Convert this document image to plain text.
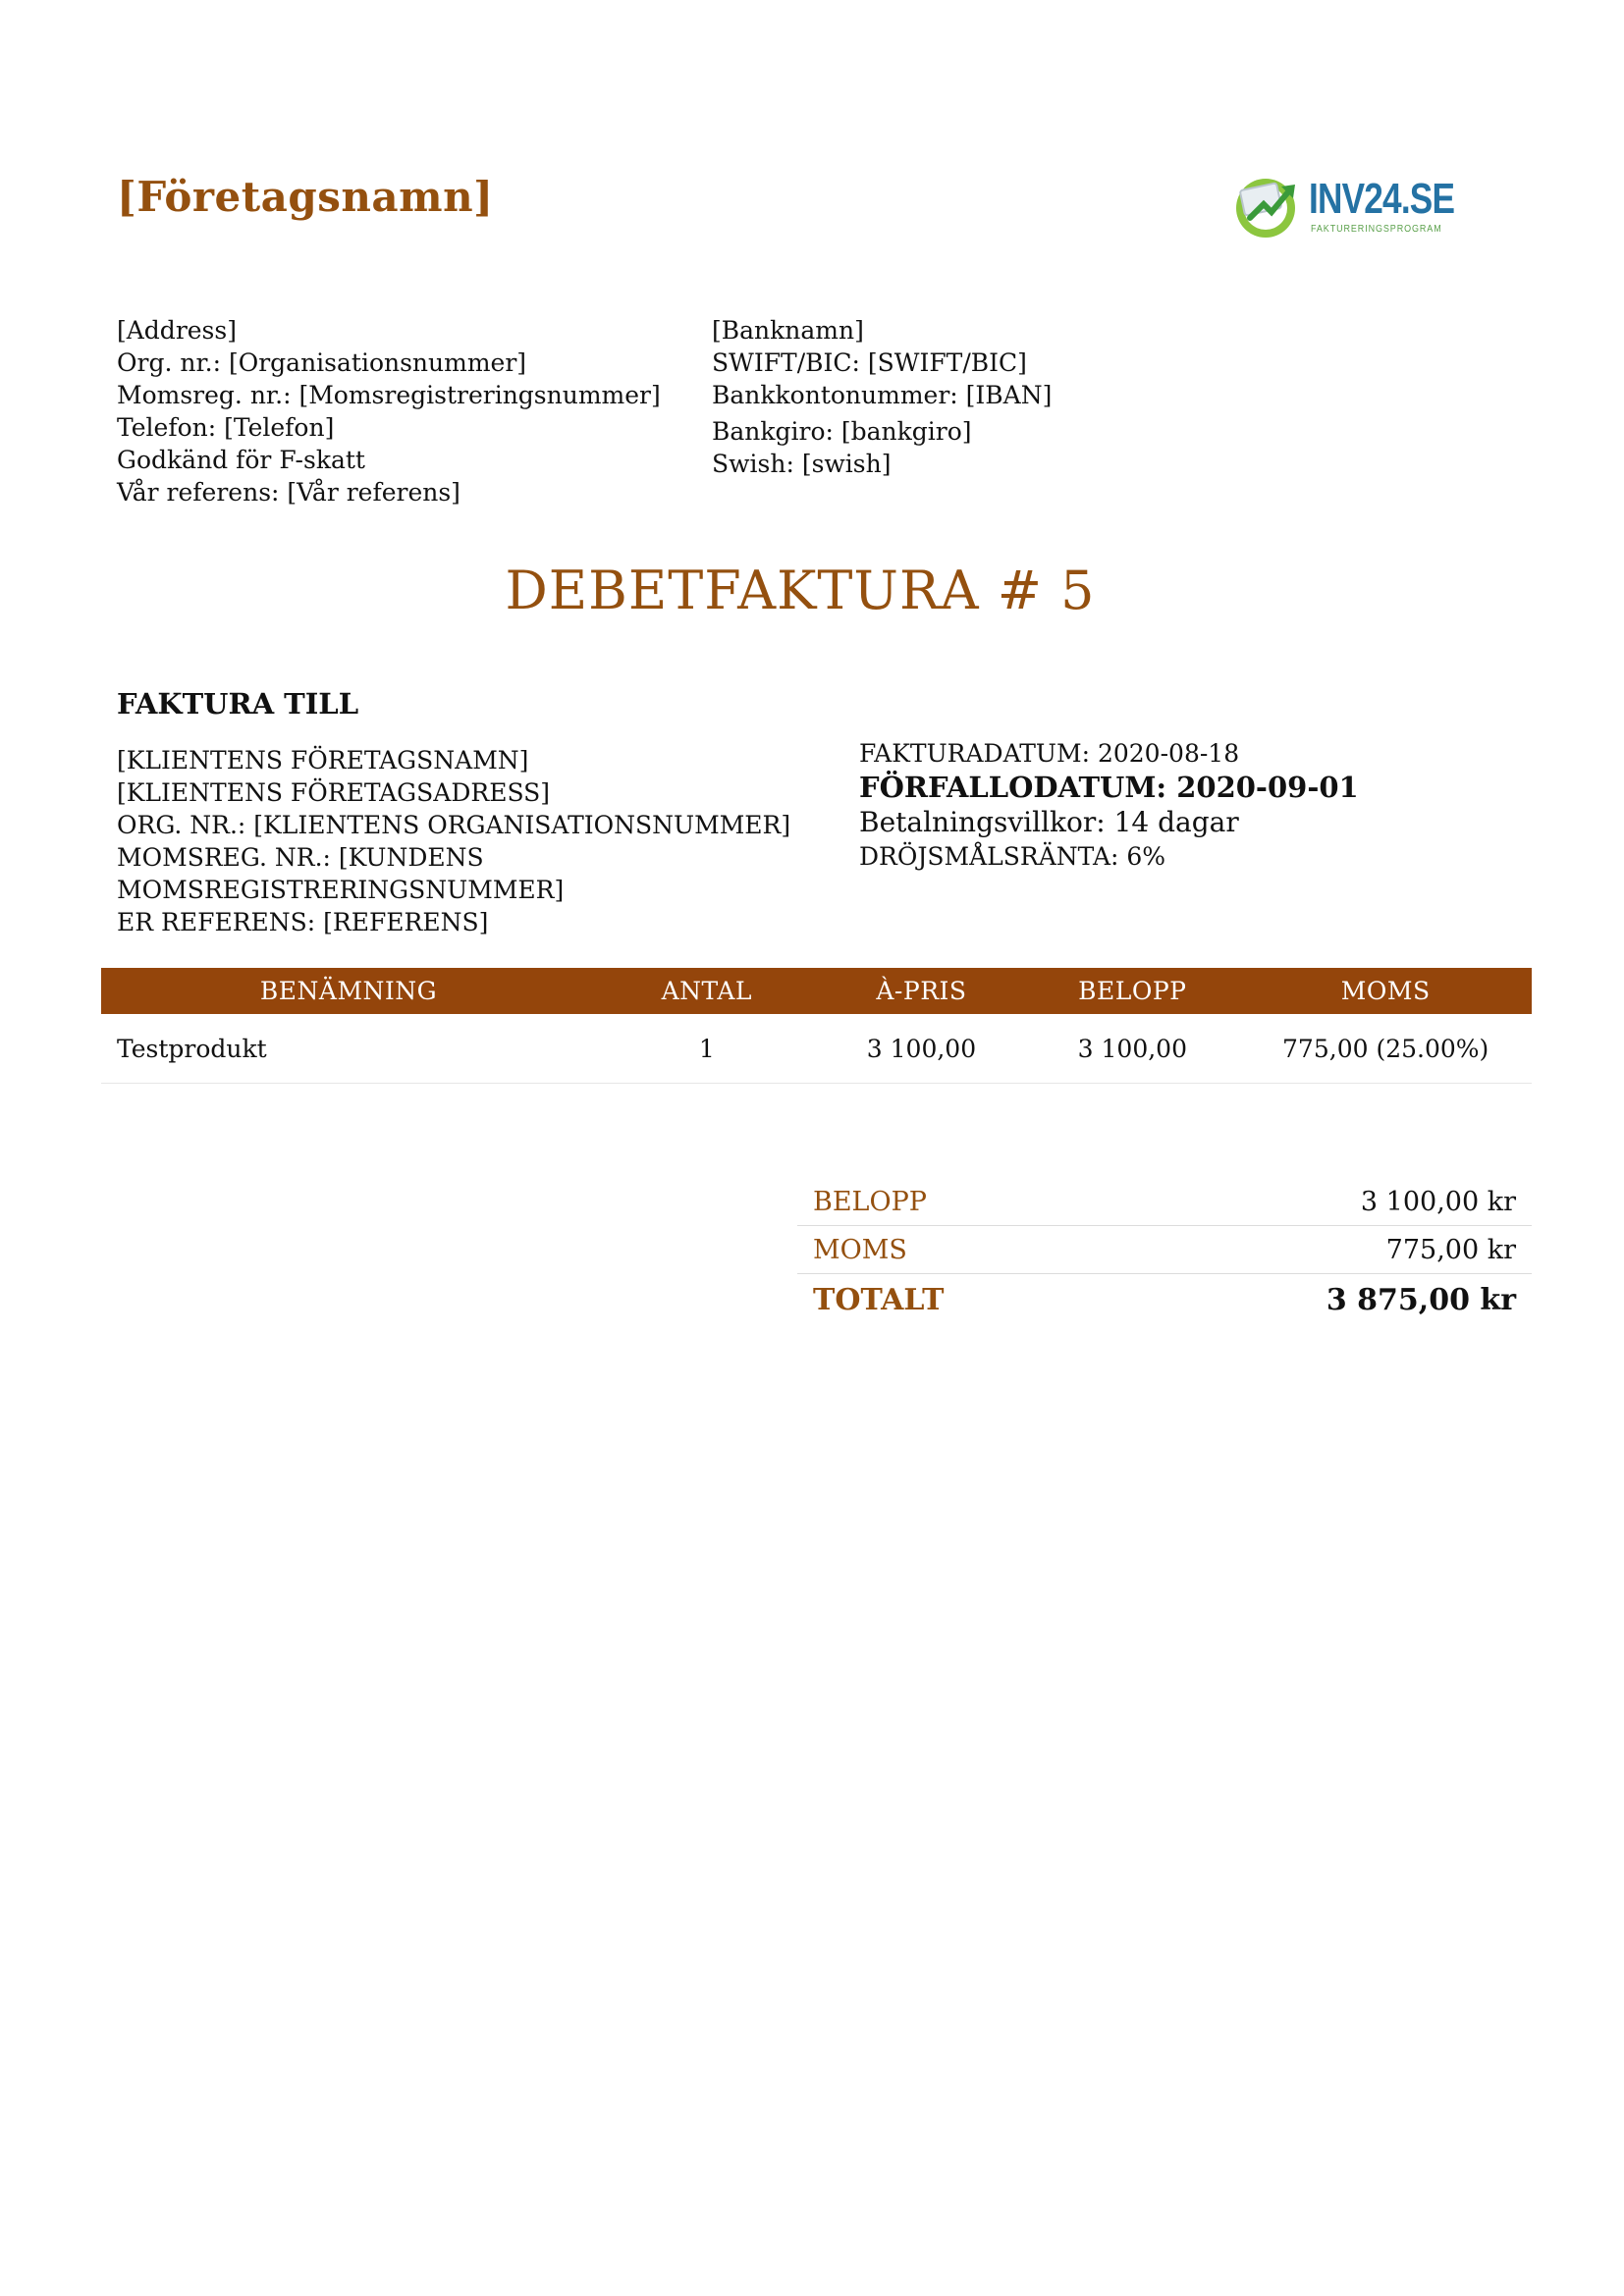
[Företagsnamn]	INV24.SE
FAKTURERINGSPROGRAM
[Address]
Org. nr.: [Organisationsnummer]
Momsreg. nr.: [Momsregistreringsnummer]
Telefon: [Telefon]
Godkänd för F-skatt
Vår referens: [Vår referens]
[Banknamn]
SWIFT/BIC: [SWIFT/BIC]
Bankkontonummer: [IBAN]
Bankgiro: [bankgiro]
Swish: [swish]
DEBETFAKTURA # 5
FAKTURA TILL
[KLIENTENS FÖRETAGSNAMN]
[KLIENTENS FÖRETAGSADRESS]
ORG. NR.: [KLIENTENS ORGANISATIONSNUMMER]
MOMSREG. NR.: [KUNDENS
MOMSREGISTRERINGSNUMMER]
ER REFERENS: [REFERENS]
FAKTURADATUM: 2020-08-18
FÖRFALLODATUM: 2020-09-01
Betalningsvillkor: 14 dagar
DRÖJSMÅLSRÄNTA: 6%
BENÄMNING	ANTAL	À-PRIS	BELOPP	MOMS
Testprodukt	1	3 100,00	3 100,00	775,00 (25.00%)
BELOPP	3 100,00 kr
MOMS	775,00 kr
TOTALT	3 875,00 kr
